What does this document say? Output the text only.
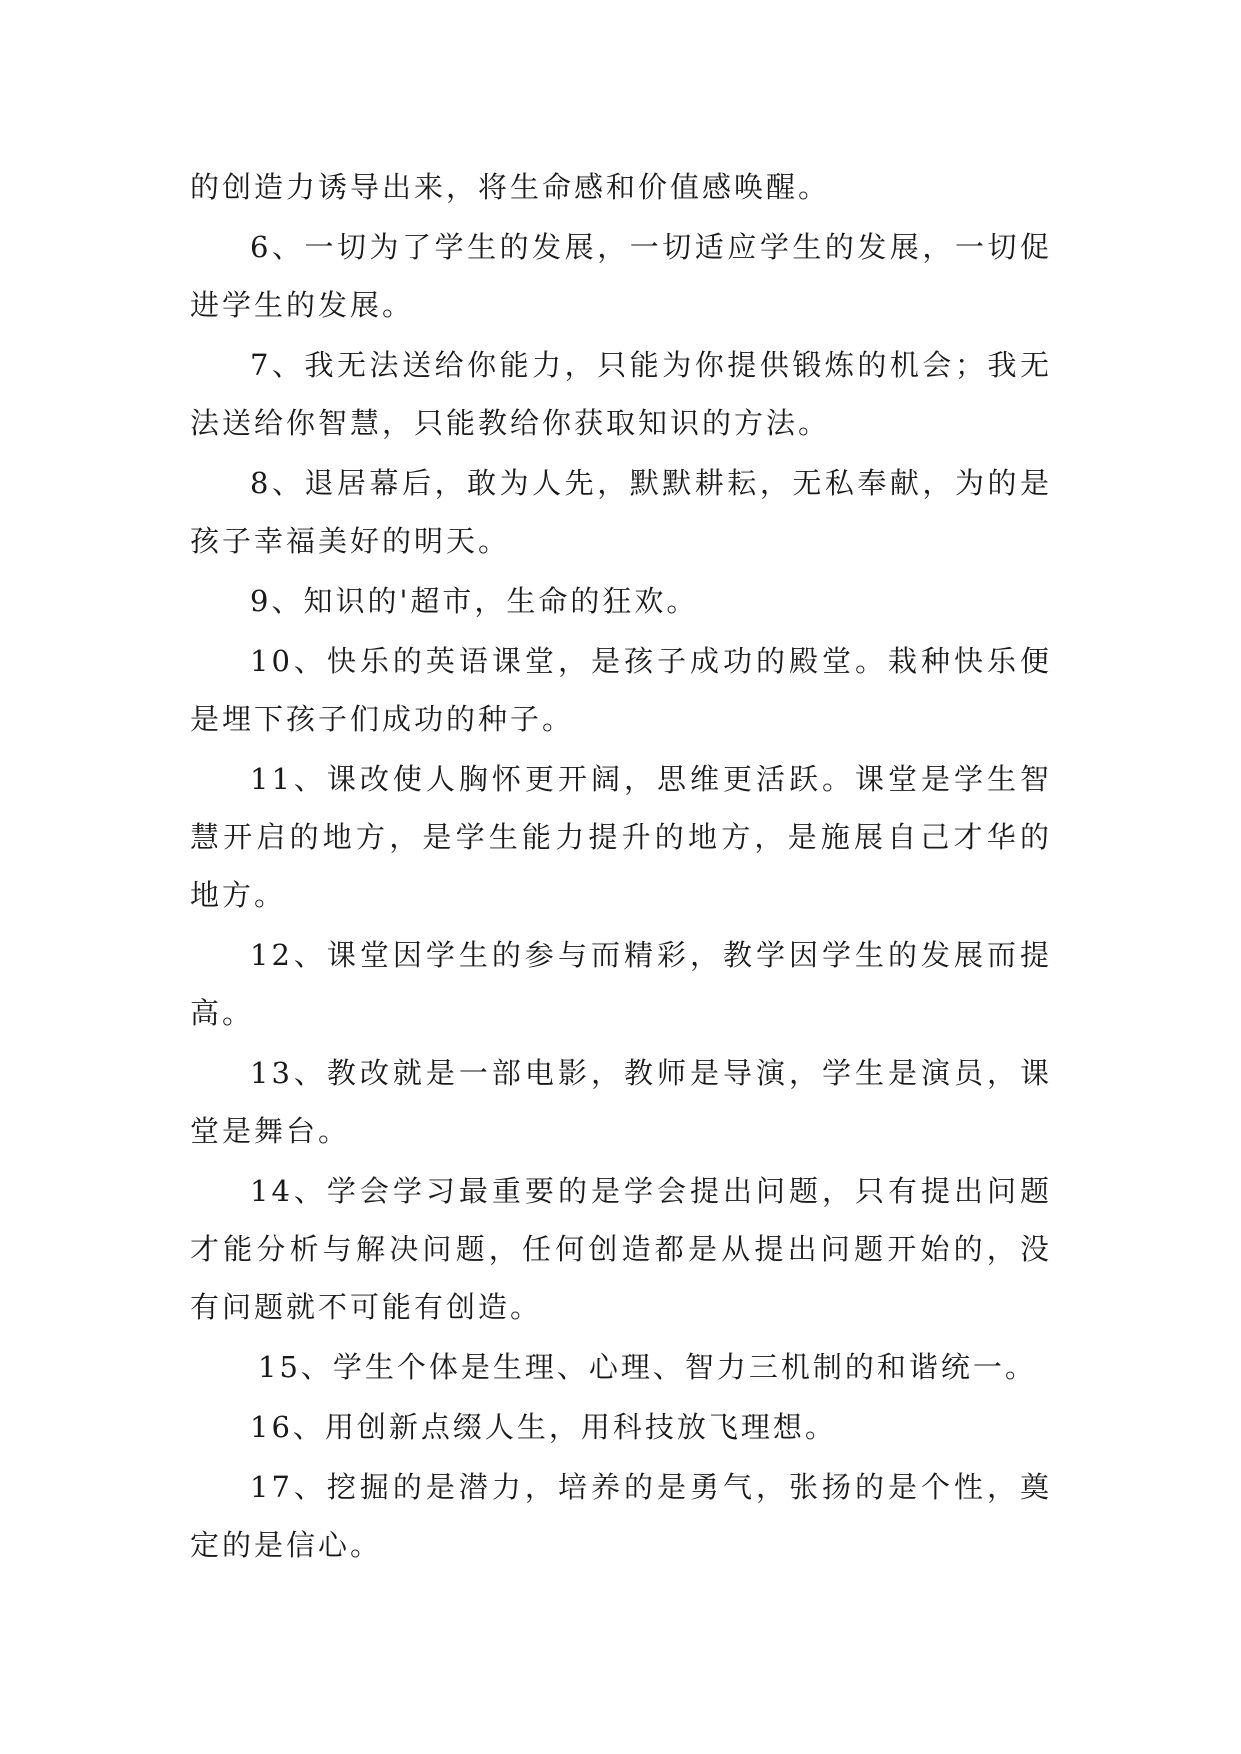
的创造力诱导出来，将生命感和价值感唤醒。

6、一切为了学生的发展，一切适应学生的发展，一切促进学生的发展。

7、我无法送给你能力，只能为你提供锻炼的机会；我无法送给你智慧，只能教给你获取知识的方法。

8、退居幕后，敢为人先，默默耕耘，无私奉献，为的是孩子幸福美好的明天。

9、知识的'超市，生命的狂欢。

10、快乐的英语课堂，是孩子成功的殿堂。栽种快乐便是埋下孩子们成功的种子。

11、课改使人胸怀更开阔，思维更活跃。课堂是学生智慧开启的地方，是学生能力提升的地方，是施展自己才华的地方。

12、课堂因学生的参与而精彩，教学因学生的发展而提高。

13、教改就是一部电影，教师是导演，学生是演员，课堂是舞台。

14、学会学习最重要的是学会提出问题，只有提出问题才能分析与解决问题，任何创造都是从提出问题开始的，没有问题就不可能有创造。

15、学生个体是生理、心理、智力三机制的和谐统一。

16、用创新点缀人生，用科技放飞理想。

17、挖掘的是潜力，培养的是勇气，张扬的是个性，奠定的是信心。
